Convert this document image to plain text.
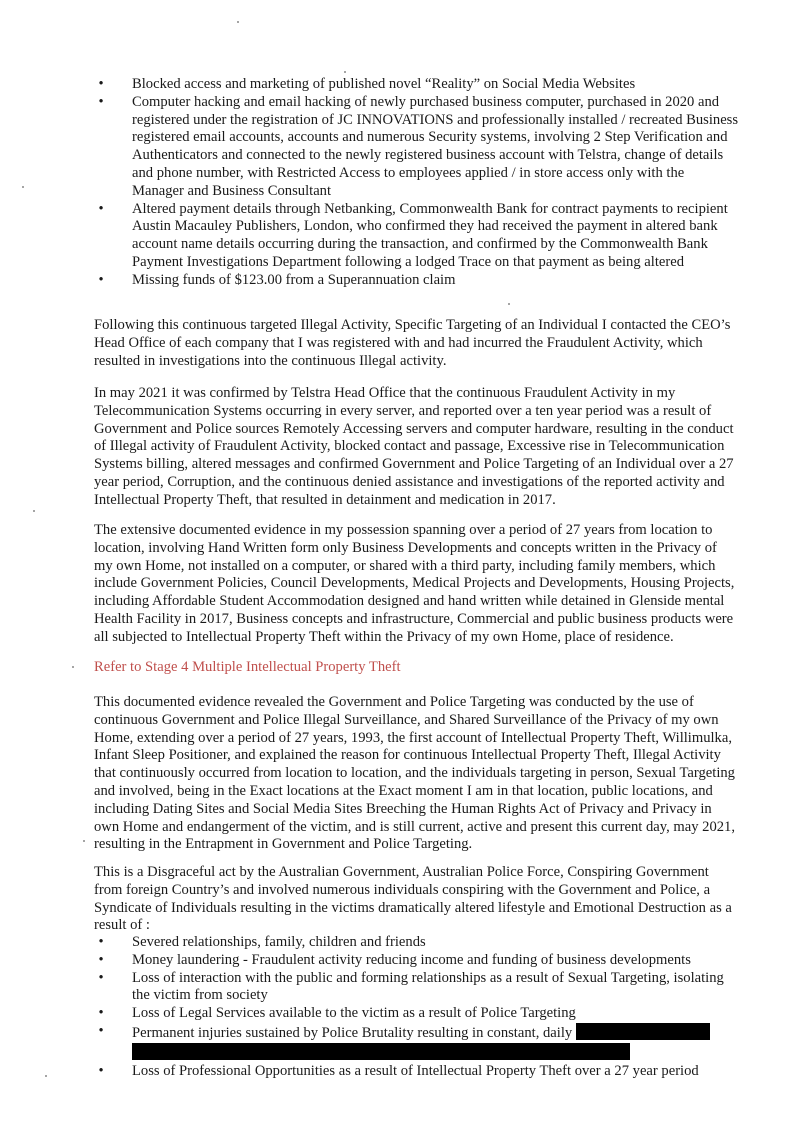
•	Blocked access and marketing of published novel “Reality” on Social Media Websites
•	Computer hacking and email hacking of newly purchased business computer, purchased in 2020 and registered under the registration of JC INNOVATIONS and professionally installed / recreated Business registered email accounts, accounts and numerous Security systems, involving 2 Step Verification and Authenticators and connected to the newly registered business account with Telstra, change of details and phone number, with Restricted Access to employees applied / in store access only with the Manager and Business Consultant
•	Altered payment details through Netbanking, Commonwealth Bank for contract payments to recipient Austin Macauley Publishers, London, who confirmed they had received the payment in altered bank account name details occurring during the transaction, and confirmed by the Commonwealth Bank Payment Investigations Department following a lodged Trace on that payment as being altered
•	Missing funds of $123.00 from a Superannuation claim

Following this continuous targeted Illegal Activity, Specific Targeting of an Individual I contacted the CEO’s Head Office of each company that I was registered with and had incurred the Fraudulent Activity, which resulted in investigations into the continuous Illegal activity.

In may 2021 it was confirmed by Telstra Head Office that the continuous Fraudulent Activity in my Telecommunication Systems occurring in every server, and reported over a ten year period was a result of Government and Police sources Remotely Accessing servers and computer hardware, resulting in the conduct of Illegal activity of Fraudulent Activity, blocked contact and passage, Excessive rise in Telecommunication Systems billing, altered messages and confirmed Government and Police Targeting of an Individual over a 27 year period, Corruption, and the continuous denied assistance and investigations of the reported activity and Intellectual Property Theft, that resulted in detainment and medication in 2017.

The extensive documented evidence in my possession spanning over a period of 27 years from location to location, involving Hand Written form only Business Developments and concepts written in the Privacy of my own Home, not installed on a computer, or shared with a third party, including family members, which include Government Policies, Council Developments, Medical Projects and Developments, Housing Projects, including Affordable Student Accommodation designed and hand written while detained in Glenside mental Health Facility in 2017, Business concepts and infrastructure, Commercial and public business products were all subjected to Intellectual Property Theft within the Privacy of my own Home, place of residence.

Refer to Stage 4 Multiple Intellectual Property Theft

This documented evidence revealed the Government and Police Targeting was conducted by the use of continuous Government and Police Illegal Surveillance, and Shared Surveillance of the Privacy of my own Home, extending over a period of 27 years, 1993, the first account of Intellectual Property Theft, Willimulka, Infant Sleep Positioner, and explained the reason for continuous Intellectual Property Theft, Illegal Activity that continuously occurred from location to location, and the individuals targeting in person, Sexual Targeting and involved, being in the Exact locations at the Exact moment I am in that location, public locations, and including Dating Sites and Social Media Sites Breeching the Human Rights Act of Privacy and Privacy in own Home and endangerment of the victim, and is still current, active and present this current day, may 2021, resulting in the Entrapment in Government and Police Targeting.

This is a Disgraceful act by the Australian Government, Australian Police Force, Conspiring Government from foreign Country’s and involved numerous individuals conspiring with the Government and Police, a Syndicate of Individuals resulting in the victims dramatically altered lifestyle and Emotional Destruction as a result of :

•	Severed relationships, family, children and friends
•	Money laundering - Fraudulent activity reducing income and funding of business developments
•	Loss of interaction with the public and forming relationships as a result of Sexual Targeting, isolating the victim from society
•	Loss of Legal Services available to the victim as a result of Police Targeting
•	Permanent injuries sustained by Police Brutality resulting in constant, daily
•	Loss of Professional Opportunities as a result of Intellectual Property Theft over a 27 year period
